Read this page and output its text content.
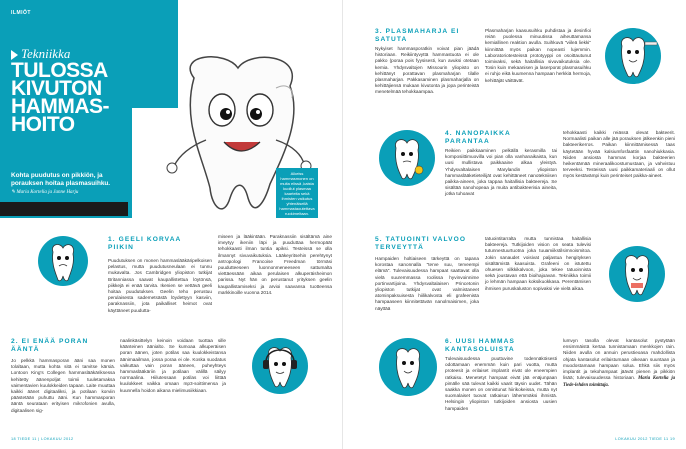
ILMIÖT
Tekniikka
TULOSSA
KIVUTON
HAMMAS-
HOITO
Kohta puudutus on pikkiön, ja porauksen hoitaa plasmasuihku.
✎ Maria Kortelia ja Janne Harju
Alkeiss hammasmonen on muita elissä ,kaista kuollut plasmaa kaarteita sekä ihmisten vaikutus yhtenäisellä hammastaoutettava ruokimeltaan.
1. GEELI KORVAA PIIKIN
Puudutuksen on monen hammaslääkäripelkoisen pelastus, mutta puudutusneulaan ei tunnu mukavalta. Jos Cambridgen yliopiston tutkijat Britanniassa saavat kaupallistettua löytönsä, piikkejä ei enää tarvita. Ikenien se vettävä geeli hoitaa puudutuksen. Geelin teho perustuu perulaisesta sademetsästä löydettyyn kasviin, paraknassiin, jota paikalliset heimot ovat käyttäneet puudutta-
miseen ja lääkintään. Paraknassiin sisältämä aine imeytyy ikeniin läpi ja puuduttaa hermopäät tehokkaasti ilman tuntia apiksi. Testeissä se olla ilmannyt sivuvaikutuksia. Lääkeyritsehin perehtynyt antropologi Francoise Freedman törmäsi puudutteeseen luonnonmeneeseen sattumalta viettäessään aikaa perulaisen alkuperäisheimon parissa. Nyt hän on perustanut yrityksen geelin kaupallistamiseksi ja arvioi saavansa tuotteensa markkinoille vuonna 2014.
2. EI ENÄÄ PORAN ÄÄNTÄ
Jo pelkkä hammasporan ääni saa monen tolaltaan, mutta kohta sitä ei tarvitse kärsiä. Lontoon King's Collegen hammaslääkäriksessa kehitetty äänenpoljat toimii tuuletamaksa vaimentavien kuulokkeiden tapaan. Laite muuttaa kaikki äänet digitaaliksi, ja potilaan korviin päästetään puhuttu ääni. Kun hammasporan ääntä seurataan erityisen mikrofonien avulla, digitaalisen sig-
naalinkäsittelyn keinoin voidaan tuottaa sille käänteinen äänialto. Se kumoaa alkuperäisen poran äänen, joten potilas saa kuulokkeistansa äänimaailman, jossa poraa ei ole. Koska suodatus vaikuttaa vain poran ääneen, puheyhteys hammaslääkäriin ja potilaan välillä säilyy normaalina. Hiilutessaan potilas voi liittää kuulokkeet vaikka omaan mp3-soittimensa ja kuunnella hoidon aikana mielimusiikkiaan.
18 TIEDE 11 | LOKAKUU 2012
3. PLASMAHARJA EI SATUTA
Nykyiset hammasporatkin voivat pian jäädä historiaan. Reikiintyvyttä hammastuota ei ole pakko (poraa pois fyysisesti, kun avuksi otetaan kemia. Yhdysvaltojen Missourin yliopisto on kehittänyt porattavan plasmaharjan tilalle plasmaharjan. Pakkasaminen plasmaharjalla on kehittäjiensä mukaan kivutonta ja jopa perinteistä menetelmää tehokkaampaa.
Plasmaharjan kaasusuihku puhdistaa ja desinfioi reiän puolessa minuutissa aiheuttamansa kemiallinen reaktion avulla. Suihkuvä "viileä liekki" kiinnittää myös paikan nopeasti lujemmin. Laboratoriotesteissä prototyyppi on osoittautunut toimivaksi, sekä haitallisia sivuvaikutuksia ole. Tosin kuin mekaanisen ja laserporat plasmasuihku ei ruhjo eikä kuumenna hampaan herkkiä hermoja, kehittäjät väittävät.
4. NANOPAIKKA PARANTAA
Reikien paikkaaminen pelkällä kerasmilla tai komposiittimuovilla voi pian olla vanhanaikaista, kun uusi mullistava paikkaaine alkaa yleistyä. Yhdysvaltalaisen Marylandin yliopiston hammaslääketieteilijät ovat kehittäneet nanotekniisen paikka-aineen, joka tappaa haitallisia bakteereja. Se sisältää nanohopeaa ja muita antibakteerisia aineita, jotka tuhoavat
tehokkaasti kaikki reiässä olevat bakteerit. Normaalisti paikan alle jää porauksen jälkeenkin pieni bakteerikerros. Paikan kiinnittämisessä taas käytetään hyvää kalsiumfosfaattin nanohiukkasia. Niiden ansiosta hammas korjaa bakteerien heikentämää mineraalikoostumustaan, ja vahvistuu terveeksi. Testeissä uusi paikkamateriaali on ollut myös kestävämpi kuin perinteiset paikka-aineet.
5. TATUOINTI VALVOO TERVEYTTÄ
Hampaiden holtiaiseen tärkeyttä on tapana korostaa sanonnalla "terve suu, terveempi elämä". Tulevaisuudessa hampaat saattavat olla vielä suuremmassa roolissa hyvinvoinnime portinvartijoina. Yhdysvaltalaisen Princetonin yliopiston tutkijat ovat valmistaneet atominpaksuisesta hiilikalvosta eli grafeenista hampaaseen kiinnitettävän nanolmaisimen, joka näyttää
tatuointitarralta mutta tunnistaa haitallisia bakteereja. Tutkijoiden vision on seata tulevisi tutunnestuurtuotna joka tuuamiikstilsimnoismitoa. Jokin sanaudet voisivat paljastua hengityksen sisältämistä kaasuista. Grafeeni on istutettu ohuesen silkkikalvoon, joka tekee tatuoinnista sekä joustavan että bioihajoavan. Tekniikka toimii jo lehmän hampaan koksikuokkasa. Perentämisen ihmisen puruskaluston sopivaksi vie vielä aikaa.
6. UUSI HAMMAS KANTASOLUISTA
Tulevaisuudessa puuttuvine todennäköisesti odottamaan enemmän kuin pari vuotta, mutta proteesit ja erilaiset implantit eivät ole eneempien ratkaisu. Menetetyt hampaat eivät jää enäjunpaan pimälle sää tulevat kaikki vaarit täysin uudet. Tähän saakka monen on onnistunut hiirikokeissa, mutta nyt suomalaiset tuovat ratkaisun lähemmäksi ihmistä. Helsingin yliopiston tutkijoiden ansiosta uusien hampaiden
lumvyn tasolla olevat kantasolut pystytään ensimmäistä kertaa tunnistamaan menkkojen rain. Niiden avulla on annuin perustieoasa mahdollista ohjata kantasolut erilaistumaan oikeaan suuntaan ja muodostamaan hampaan solua. Ehkä siis myös implantit ja tekohampaat jäävät pienen ja pikkiön lisää; tulevaisuudessa historiaan. Maria Kortelia ja Tiede-lehden toimittaja.
LOKAKUU 2012 TIEDE 11 19
